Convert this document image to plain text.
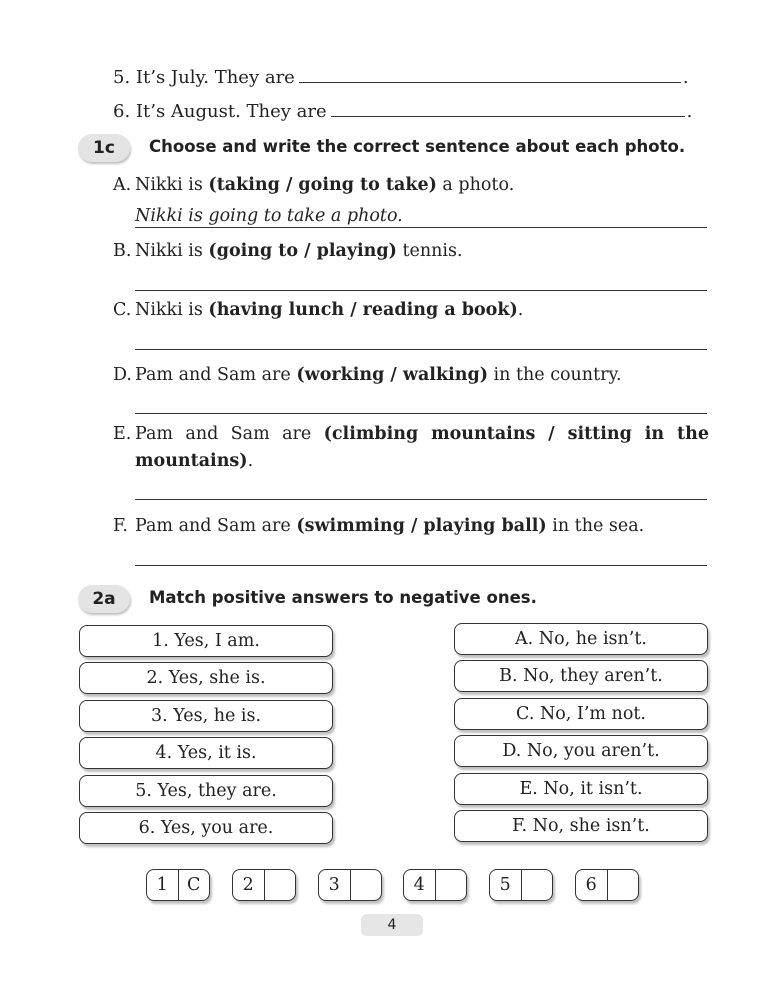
5. It’s July. They are	.
6. It’s August. They are	.
1c	Choose and write the correct sentence about each photo.
A. Nikki is (taking / going to take) a photo.
Nikki is going to take a photo.
B. Nikki is (going to / playing) tennis.
C. Nikki is (having lunch / reading a book).
D. Pam and Sam are (working / walking) in the country.
E. Pam and Sam are (climbing mountains / sitting in the mountains).
F. Pam and Sam are (swimming / playing ball) in the sea.
2a	Match positive answers to negative ones.
1. Yes, I am.
2. Yes, she is.
3. Yes, he is.
4. Yes, it is.
5. Yes, they are.
6. Yes, you are.
A. No, he isn’t.
B. No, they aren’t.
C. No, I’m not.
D. No, you aren’t.
E. No, it isn’t.
F. No, she isn’t.
1	C	2	3	4	5	6
4
